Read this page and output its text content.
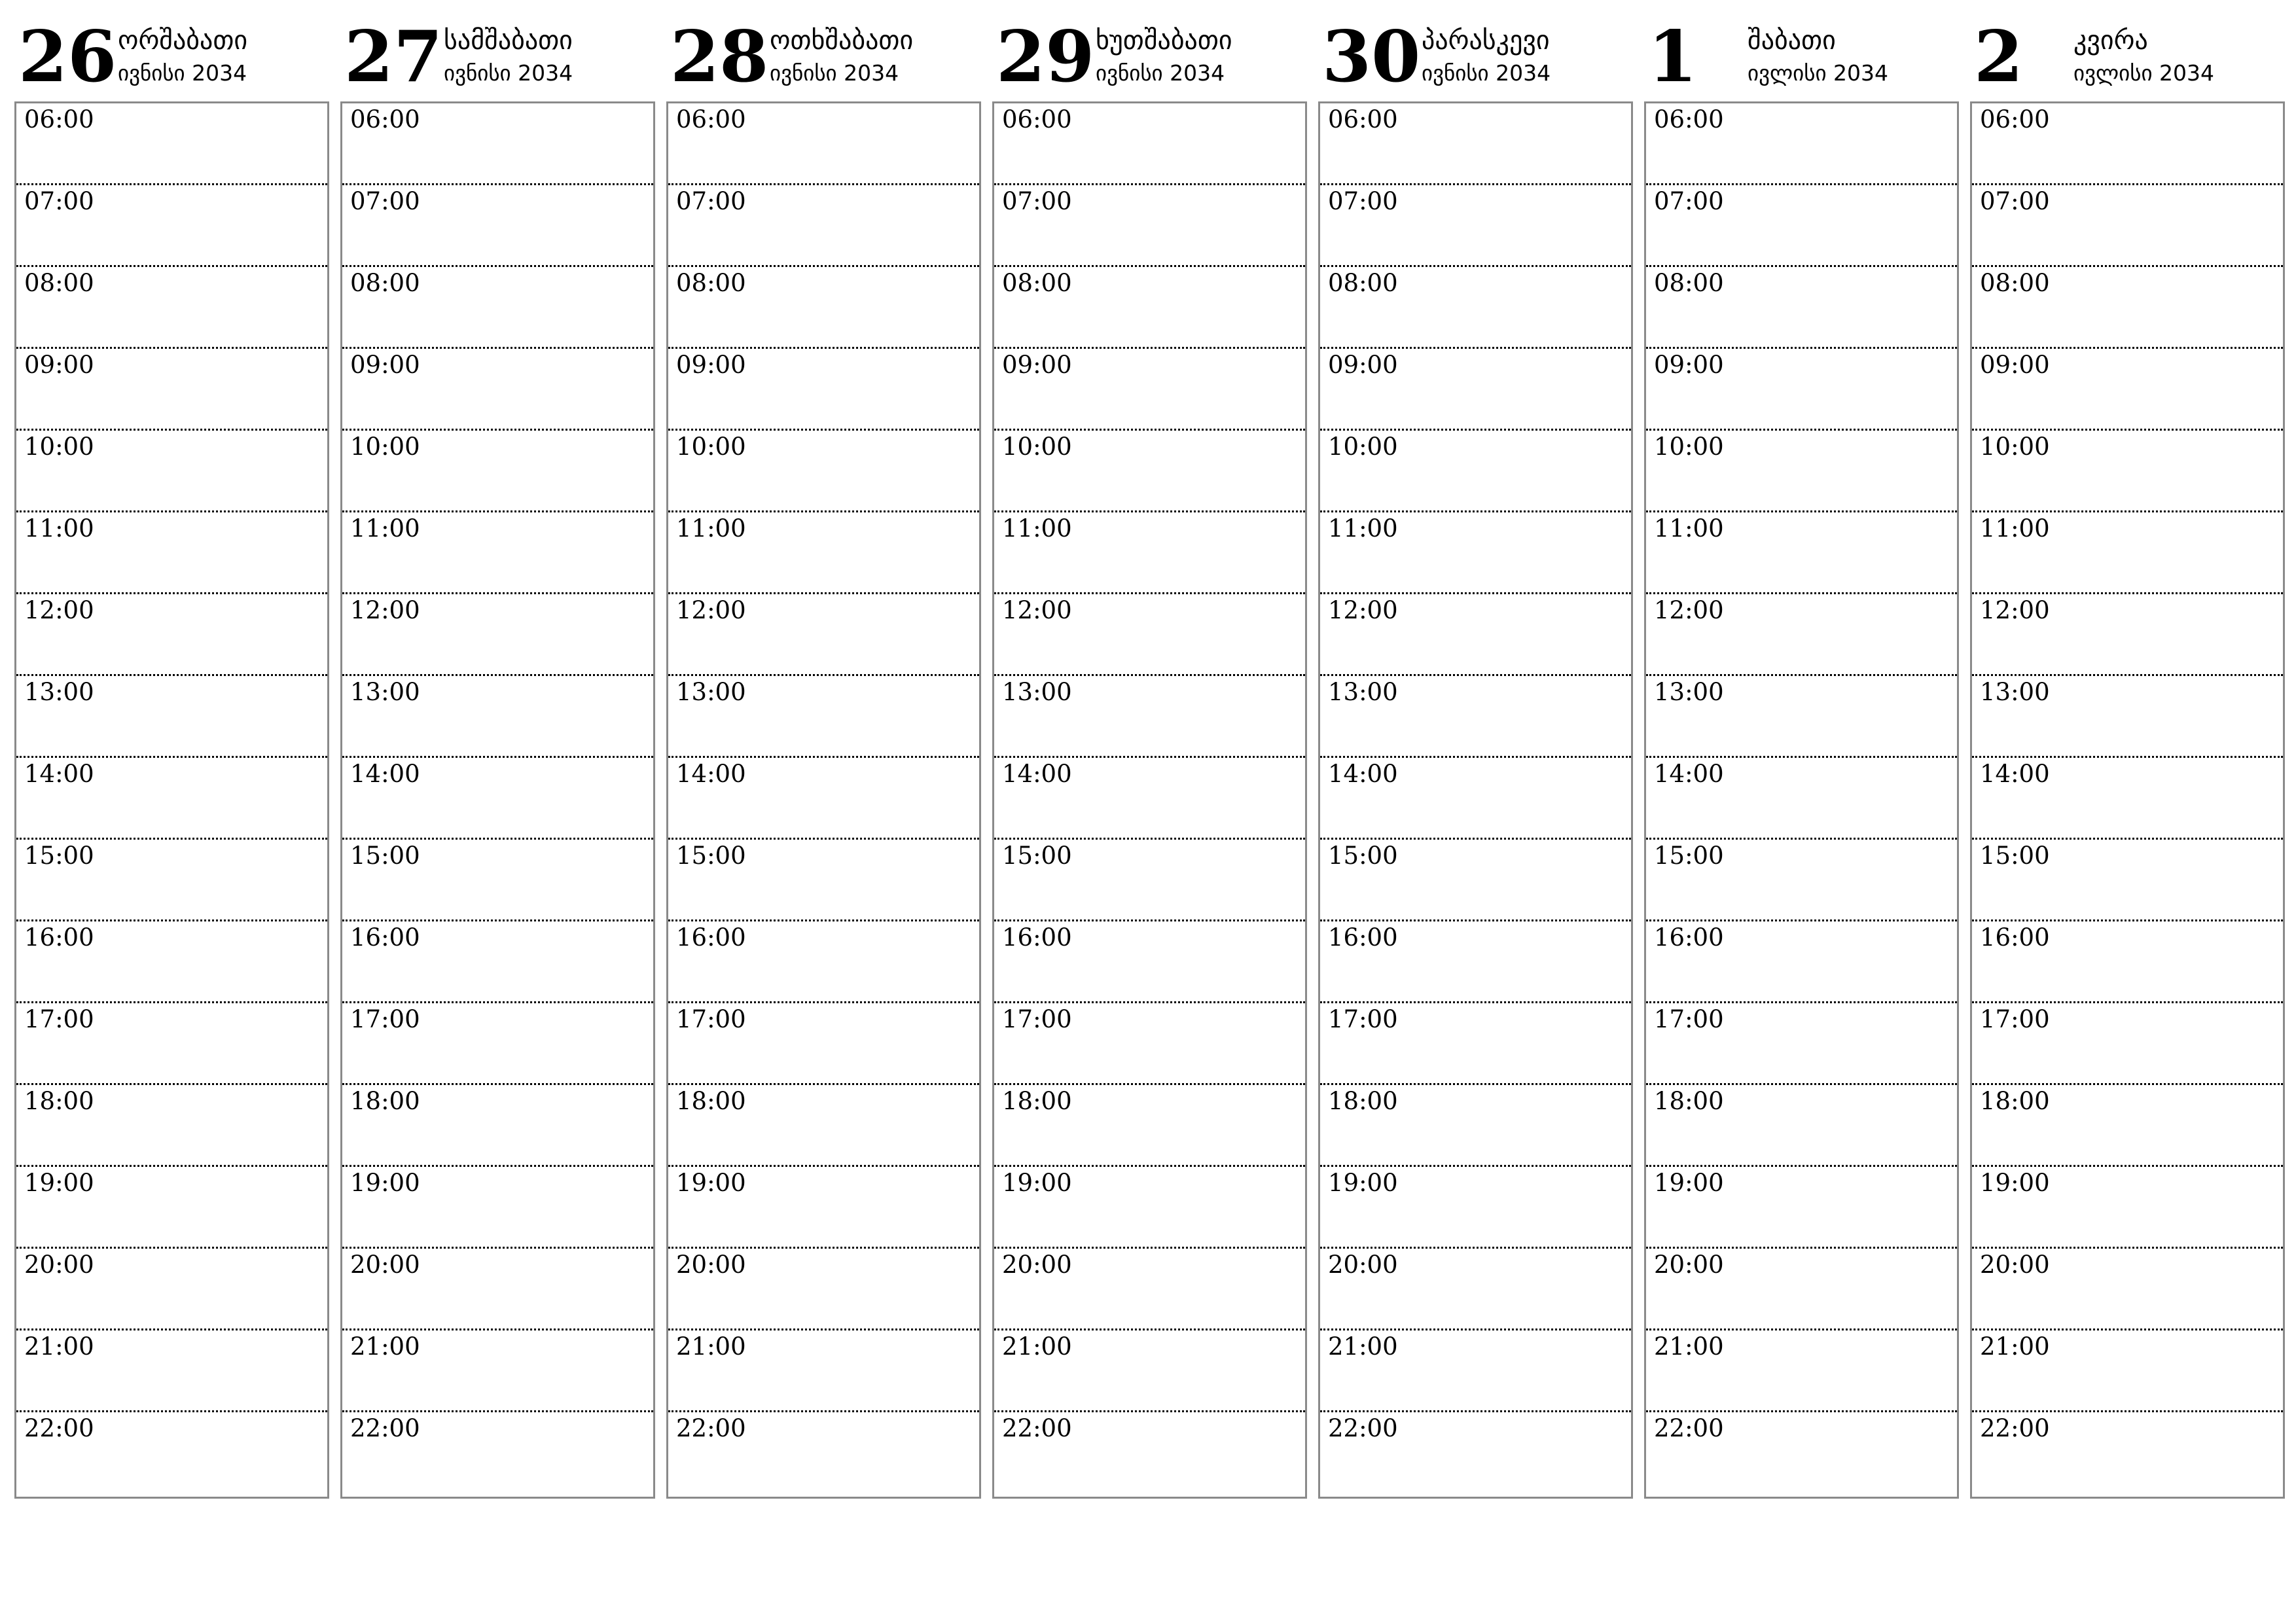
26 ორშაბათი
ივნისი 2034
06:00
07:00
08:00
09:00
10:00
11:00
12:00
13:00
14:00
15:00
16:00
17:00
18:00
19:00
20:00
21:00
22:00
27 სამშაბათი
ივნისი 2034
06:00
07:00
08:00
09:00
10:00
11:00
12:00
13:00
14:00
15:00
16:00
17:00
18:00
19:00
20:00
21:00
22:00
28 ოთხშაბათი
ივნისი 2034
06:00
07:00
08:00
09:00
10:00
11:00
12:00
13:00
14:00
15:00
16:00
17:00
18:00
19:00
20:00
21:00
22:00
29 ხუთშაბათი
ივნისი 2034
06:00
07:00
08:00
09:00
10:00
11:00
12:00
13:00
14:00
15:00
16:00
17:00
18:00
19:00
20:00
21:00
22:00
30 პარასკევი
ივნისი 2034
06:00
07:00
08:00
09:00
10:00
11:00
12:00
13:00
14:00
15:00
16:00
17:00
18:00
19:00
20:00
21:00
22:00
1 შაბათი
ივლისი 2034
06:00
07:00
08:00
09:00
10:00
11:00
12:00
13:00
14:00
15:00
16:00
17:00
18:00
19:00
20:00
21:00
22:00
2 კვირა
ივლისი 2034
06:00
07:00
08:00
09:00
10:00
11:00
12:00
13:00
14:00
15:00
16:00
17:00
18:00
19:00
20:00
21:00
22:00
